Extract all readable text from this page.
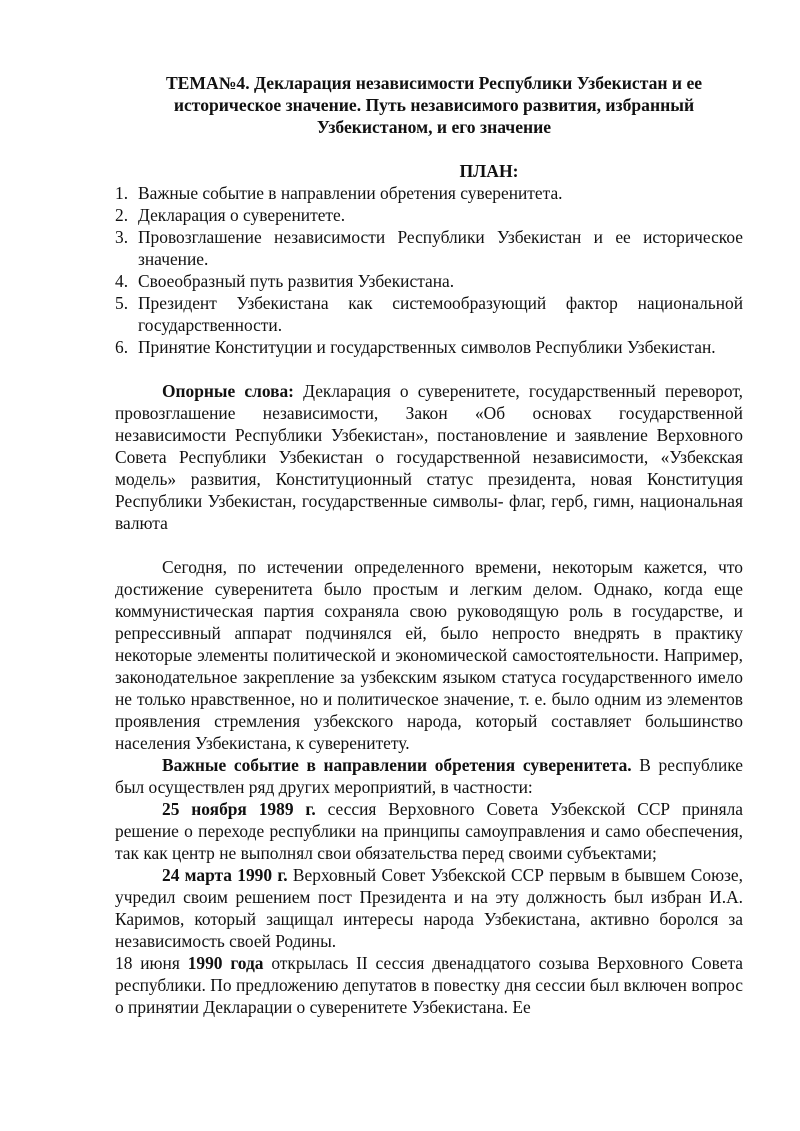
ТЕМА№4. Декларация независимости Республики Узбекистан и ее историческое значение. Путь независимого развития, избранный Узбекистаном, и его значение

ПЛАН:

1. Важные событие в направлении обретения суверенитета.
2. Декларация о суверенитете.
3. Провозглашение независимости Республики Узбекистан и ее историческое значение.
4. Своеобразный путь развития Узбекистана.
5. Президент Узбекистана как системообразующий фактор национальной государственности.
6. Принятие Конституции и государственных символов Республики Узбекистан.

Опорные слова: Декларация о суверенитете, государственный переворот, провозглашение независимости, Закон «Об основах государственной независимости Республики Узбекистан», постановление и заявление Верховного Совета Республики Узбекистан о государственной независимости, «Узбекская модель» развития, Конституционный статус президента, новая Конституция Республики Узбекистан, государственные символы- флаг, герб, гимн, национальная валюта

Сегодня, по истечении определенного времени, некоторым кажется, что достижение суверенитета было простым и легким делом. Однако, когда еще коммунистическая партия сохраняла свою руководящую роль в государстве, и репрессивный аппарат подчинялся ей, было непросто внедрять в практику некоторые элементы политической и экономической самостоятельности. Например, законодательное закрепление за узбекским языком статуса государственного имело не только нравственное, но и политическое значение, т. е. было одним из элементов проявления стремления узбекского народа, который составляет большинство населения Узбекистана, к суверенитету.

Важные событие в направлении обретения суверенитета. В республике был осуществлен ряд других мероприятий, в частности:

25 ноября 1989 г. сессия Верховного Совета Узбекской ССР приняла решение о переходе республики на принципы самоуправления и само обеспечения, так как центр не выполнял свои обязательства перед своими субъектами;

24 марта 1990 г. Верховный Совет Узбекской ССР первым в бывшем Союзе, учредил своим решением пост Президента и на эту должность был избран И.А. Каримов, который защищал интересы народа Узбекистана, активно боролся за независимость своей Родины.

18 июня 1990 года открылась II сессия двенадцатого созыва Верховного Совета республики. По предложению депутатов в повестку дня сессии был включен вопрос о принятии Декларации о суверенитете Узбекистана. Ее
